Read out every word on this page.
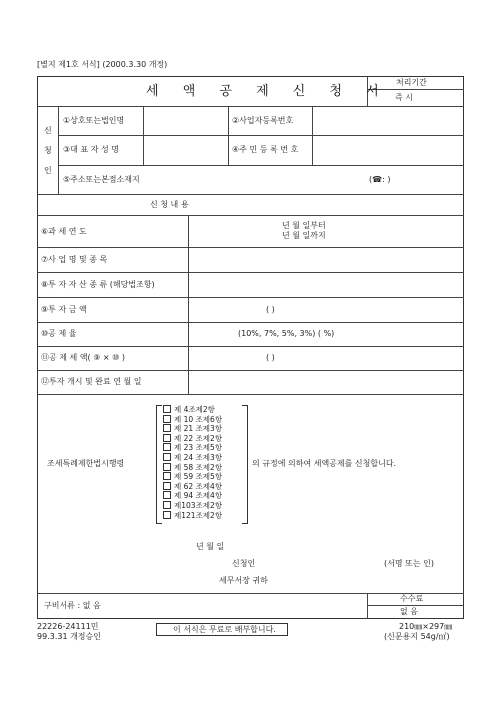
[별지 제1호 서식] (2000.3.30 개정)
세 액 공 제 신 청 서
처리기간
즉 시
신
청
인
①상호또는법인명	②사업자등록번호
③대 표 자 성 명	④주 민 등 록 번 호
⑤주소또는본점소재지	(☎: )
신 청 내 용
⑥과 세 연 도
년 월 일부터
년 월 일까지
⑦사 업 명 및 종 목
⑧투 자 자 산 종 류 (해당법조항)
⑨투 자 금 액	( )
⑩공 제 율	(10%, 7%, 5%, 3%) ( %)
⑪공 제 세 액( ⑨ × ⑩ )	( )
⑫투자 개시 및 완료 연 월 일
조세특례제한법시행령
제 4조제2항
제 10 조제6항
제 21 조제3항
제 22 조제2항
제 23 조제5항
제 24 조제3항
제 58 조제2항
제 59 조제5항
제 62 조제4항
제 94 조제4항
제103조제2항
제121조제2항
의 규정에 의하여 세액공제를 신청합니다.
년 월 일
신청인	(서명 또는 인)
세무서장 귀하
구비서류 : 없 음
수수료
없 음
22226-24111민
99.3.31 개정승인
이 서식은 무료로 배부합니다.	210㎜×297㎜
(신문용지 54g/㎡)
